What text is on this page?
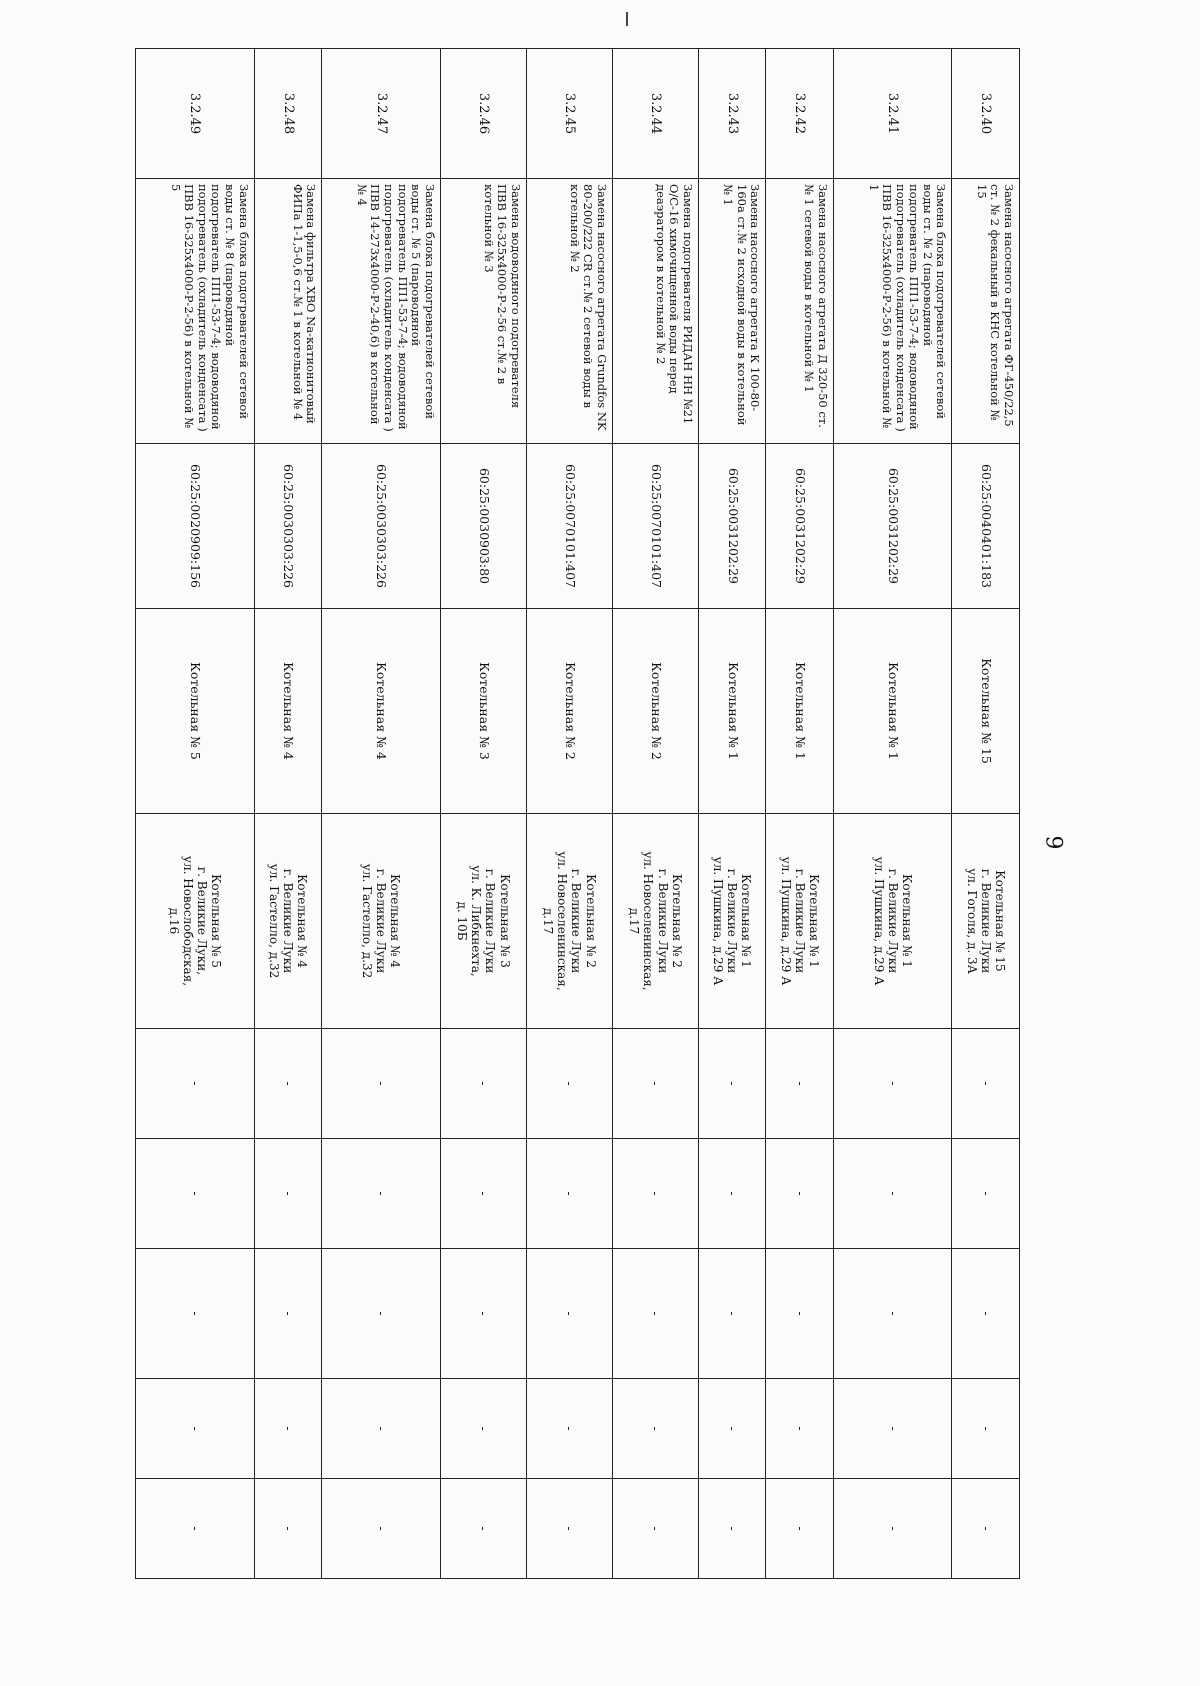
9
3.2.40	Замена насосного агрегата ФГ-450/22,5 ст. № 2 фекальный в КНС котельной № 15	60:25:0040401:183	Котельная № 15	Котельная № 15
г. Великие Луки
ул. Гоголя, д. 3А	-	-	-	-	-
3.2.41	Замена блока подогревателей сетевой воды ст. № 2 (пароводяной подогреватель ПП1-53-7-4; водоводяной подогреватель (охладитель конденсата ) ПВВ 16-325х4000-Р-2-56) в котельной № 1	60:25:0031202:29	Котельная № 1	Котельная № 1
г. Великие Луки
ул. Пушкина, д.29 А	-	-	-	-	-
3.2.42	Замена насосного агрегата Д 320-50 ст.№ 1 сетевой воды в котельной № 1	60:25:0031202:29	Котельная № 1	Котельная № 1
г. Великие Луки
ул. Пушкина, д.29 А	-	-	-	-	-
3.2.43	Замена насосного агрегата К 100-80-160а ст.№ 2 исходной воды в котельной № 1	60:25:0031202:29	Котельная № 1	Котельная № 1
г. Великие Луки
ул. Пушкина, д.29 А	-	-	-	-	-
3.2.44	Замена подогревателя РИДАН НН №21 О/С-16 химочищенной воды перед деаэратором в котельной № 2	60:25:0070101:407	Котельная № 2	Котельная № 2
г. Великие Луки
ул. Новоселенинская,
д.17	-	-	-	-	-
3.2.45	Замена насосного агрегата Grundfos NK 80-200/222 CR ст.№ 2 сетевой воды в котельной № 2	60:25:0070101:407	Котельная № 2	Котельная № 2
г. Великие Луки
ул. Новоселенинская,
д.17	-	-	-	-	-
3.2.46	Замена водоводяного подогревателя ПВВ 16-325х4000-Р-2-56 ст.№ 2 в котельной № 3	60:25:0030903:80	Котельная № 3	Котельная № 3
г. Великие Луки
ул. К. Либкнехта,
д. 10Б	-	-	-	-	-
3.2.47	Замена блока подогревателей сетевой воды ст. № 5 (пароводяной подогреватель ПП1-53-7-4; водоводяной подогреватель (охладитель конденсата ) ПВВ 14-273х4000-Р-2-40,6) в котельной № 4	60:25:0030303:226	Котельная № 4	Котельная № 4
г. Великие Луки
ул. Гастелло, д.32	-	-	-	-	-
3.2.48	Замена фильтра ХВО Na-катионитовый ФИПа 1-1,5-0,6 ст.№ 1 в котельной № 4	60:25:0030303:226	Котельная № 4	Котельная № 4
г. Великие Луки
ул. Гастелло, д.32	-	-	-	-	-
3.2.49	Замена блока подогревателей сетевой воды ст. № 8 (пароводяной подогреватель ПП1-53-7-4; водоводяной подогреватель (охладитель конденсата ) ПВВ 16-325х4000-Р-2-56) в котельной № 5	60:25:0020909:156	Котельная № 5	Котельная № 5
г. Великие Луки,
ул. Новослободская,
д.16	-	-	-	-	-
